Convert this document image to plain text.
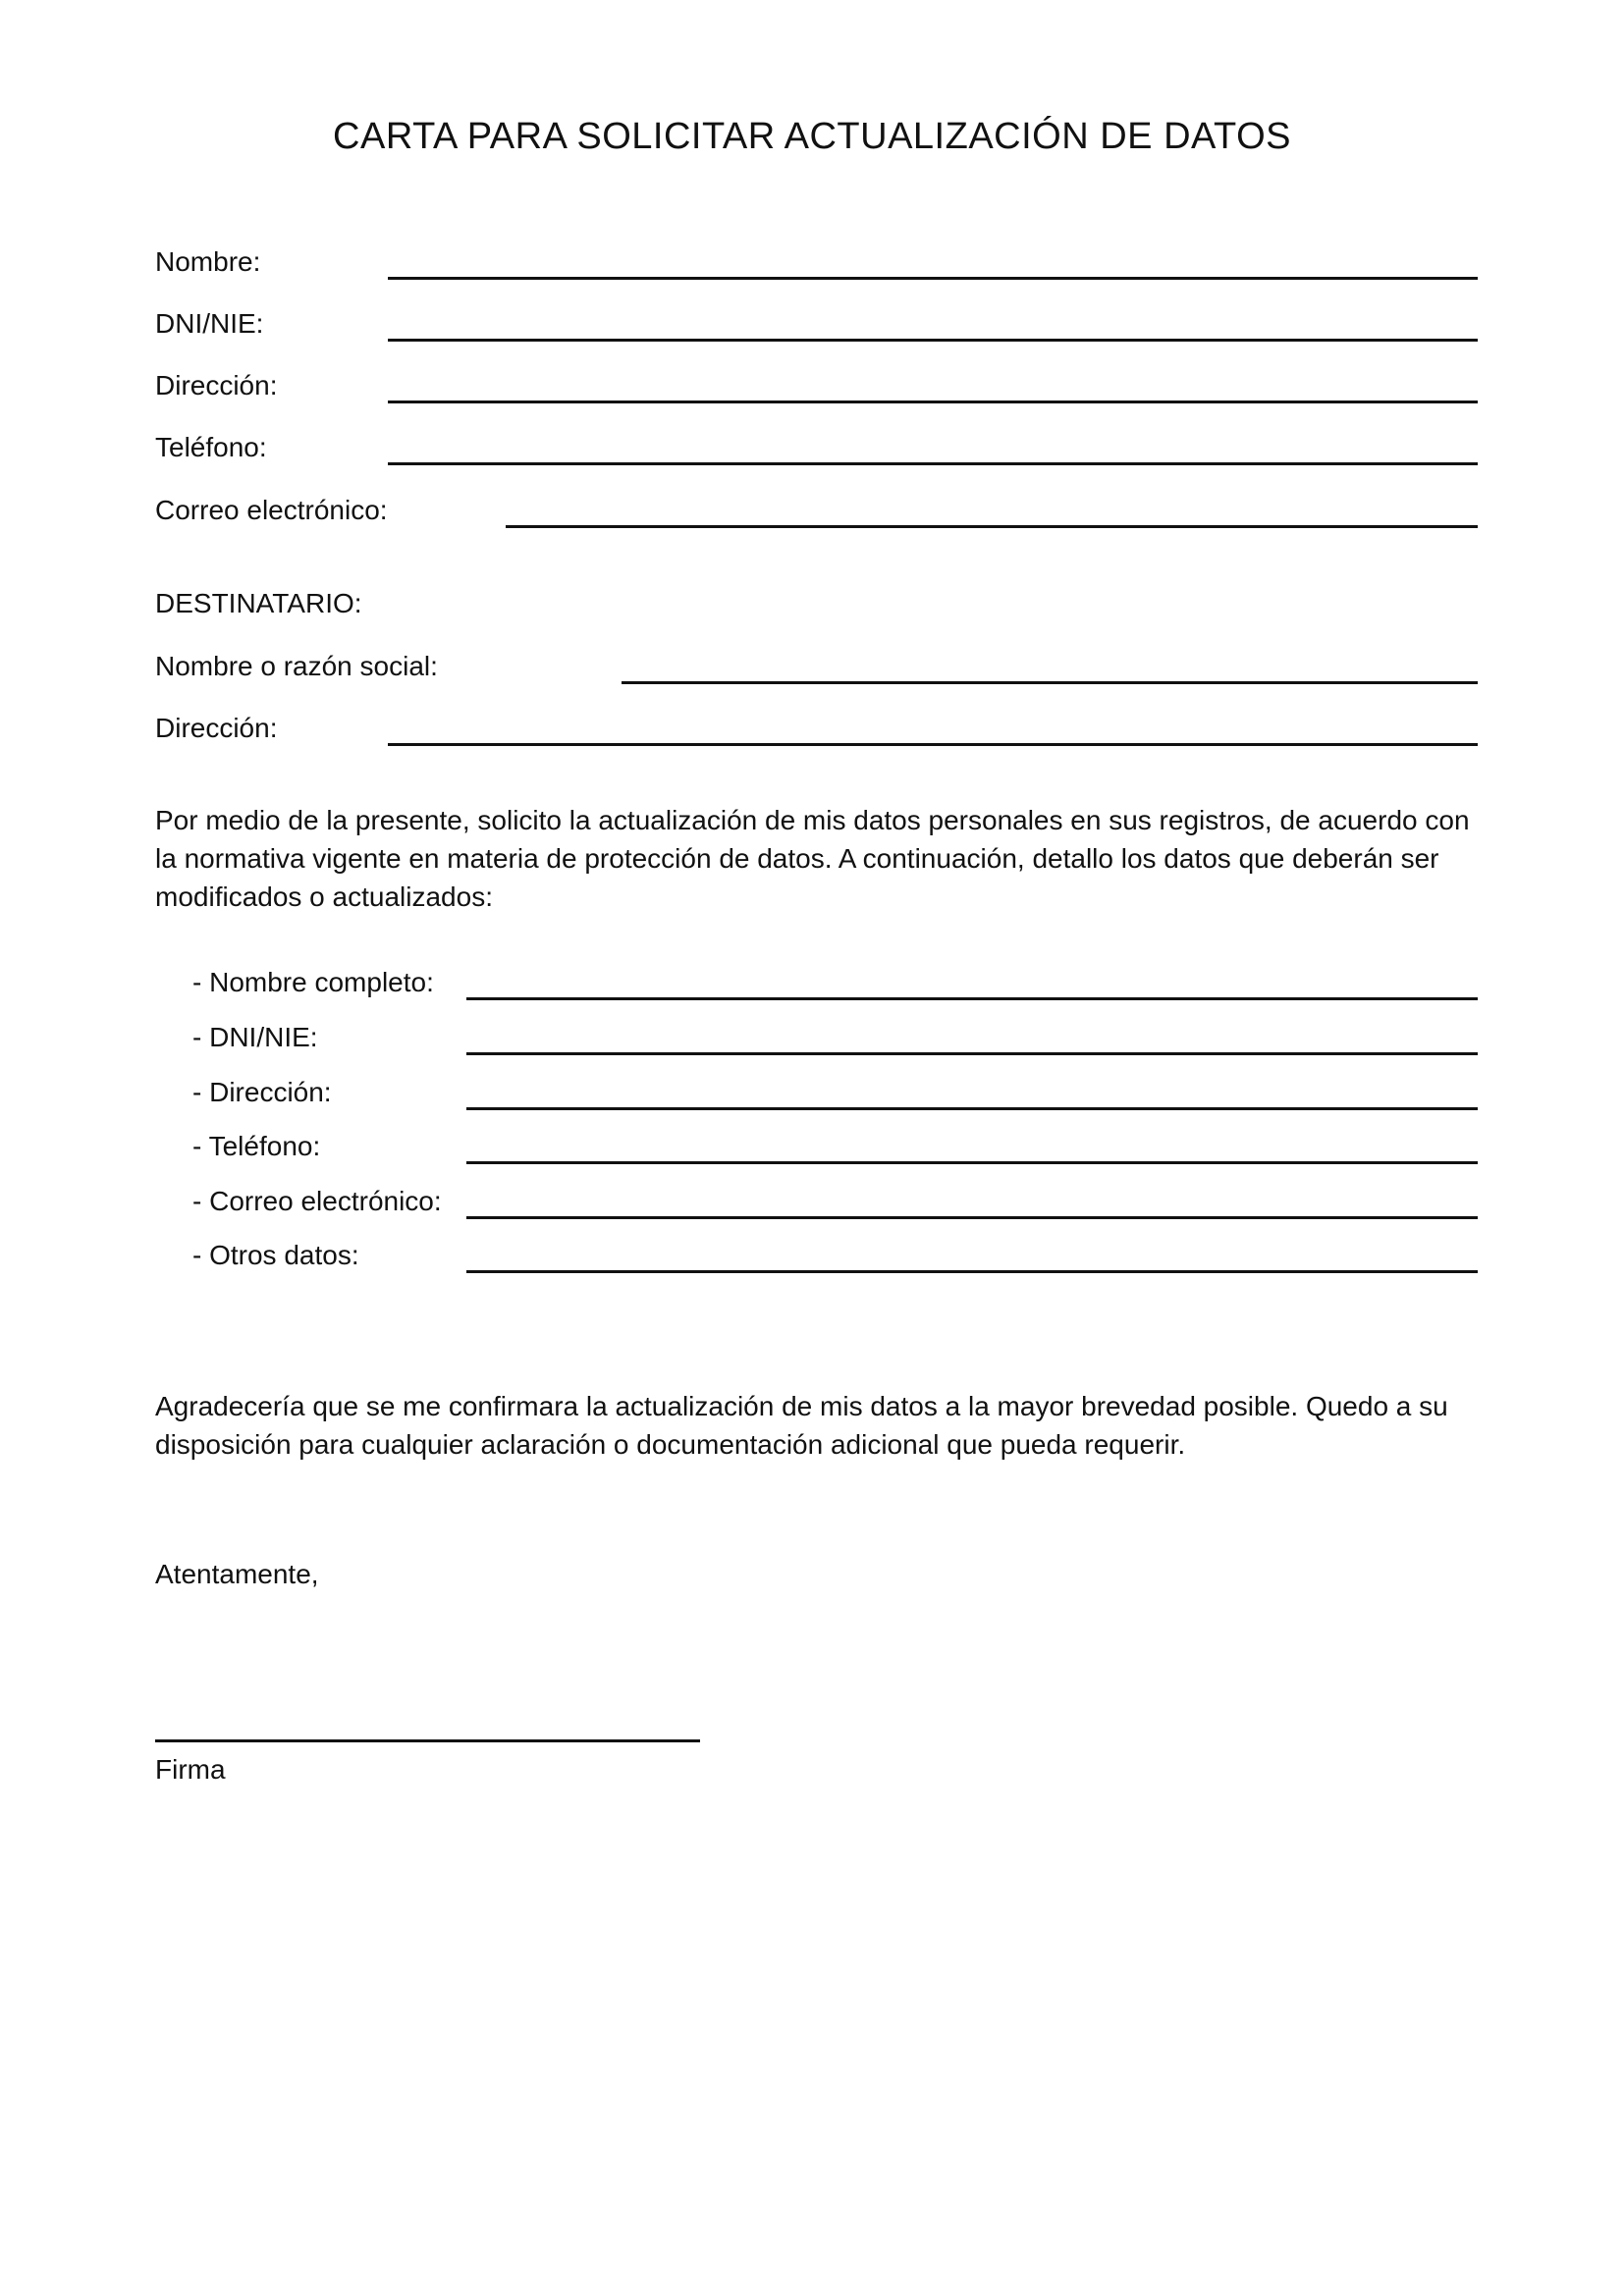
CARTA PARA SOLICITAR ACTUALIZACIÓN DE DATOS
Nombre:
DNI/NIE:
Dirección:
Teléfono:
Correo electrónico:
DESTINATARIO:
Nombre o razón social:
Dirección:
Por medio de la presente, solicito la actualización de mis datos personales en sus registros, de acuerdo con la normativa vigente en materia de protección de datos. A continuación, detallo los datos que deberán ser modificados o actualizados:
- Nombre completo:
- DNI/NIE:
- Dirección:
- Teléfono:
- Correo electrónico:
- Otros datos:
Agradecería que se me confirmara la actualización de mis datos a la mayor brevedad posible. Quedo a su disposición para cualquier aclaración o documentación adicional que pueda requerir.
Atentamente,
Firma
